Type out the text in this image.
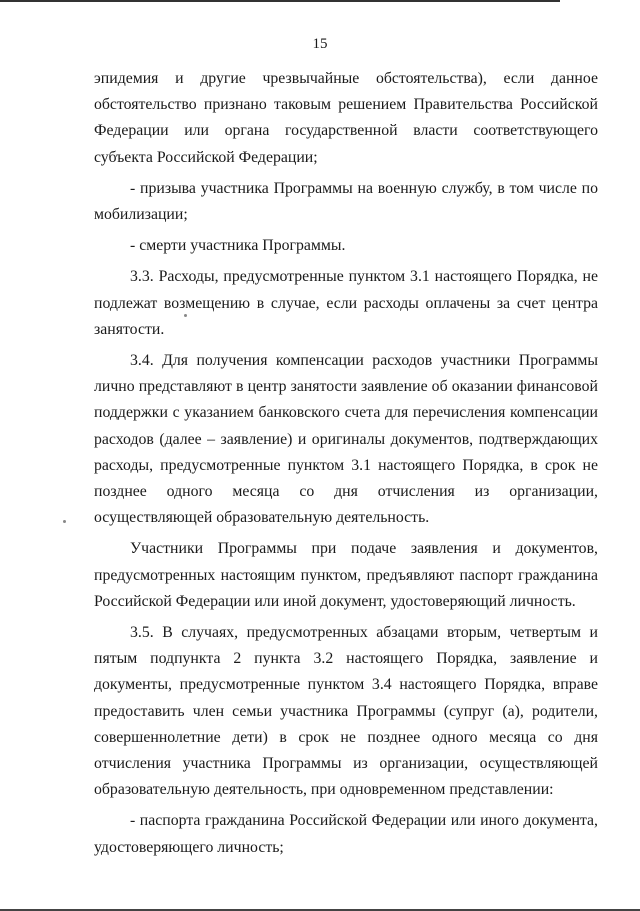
15

эпидемия и другие чрезвычайные обстоятельства), если данное обстоятельство признано таковым решением Правительства Российской Федерации или органа государственной власти соответствующего субъекта Российской Федерации;

- призыва участника Программы на военную службу, в том числе по мобилизации;

- смерти участника Программы.

3.3. Расходы, предусмотренные пунктом 3.1 настоящего Порядка, не подлежат возмещению в случае, если расходы оплачены за счет центра занятости.

3.4. Для получения компенсации расходов участники Программы лично представляют в центр занятости заявление об оказании финансовой поддержки с указанием банковского счета для перечисления компенсации расходов (далее – заявление) и оригиналы документов, подтверждающих расходы, предусмотренные пунктом 3.1 настоящего Порядка, в срок не позднее одного месяца со дня отчисления из организации, осуществляющей образовательную деятельность.

Участники Программы при подаче заявления и документов, предусмотренных настоящим пунктом, предъявляют паспорт гражданина Российской Федерации или иной документ, удостоверяющий личность.

3.5. В случаях, предусмотренных абзацами вторым, четвертым и пятым подпункта 2 пункта 3.2 настоящего Порядка, заявление и документы, предусмотренные пунктом 3.4 настоящего Порядка, вправе предоставить член семьи участника Программы (супруг (а), родители, совершеннолетние дети) в срок не позднее одного месяца со дня отчисления участника Программы из организации, осуществляющей образовательную деятельность, при одновременном представлении:

- паспорта гражданина Российской Федерации или иного документа, удостоверяющего личность;
